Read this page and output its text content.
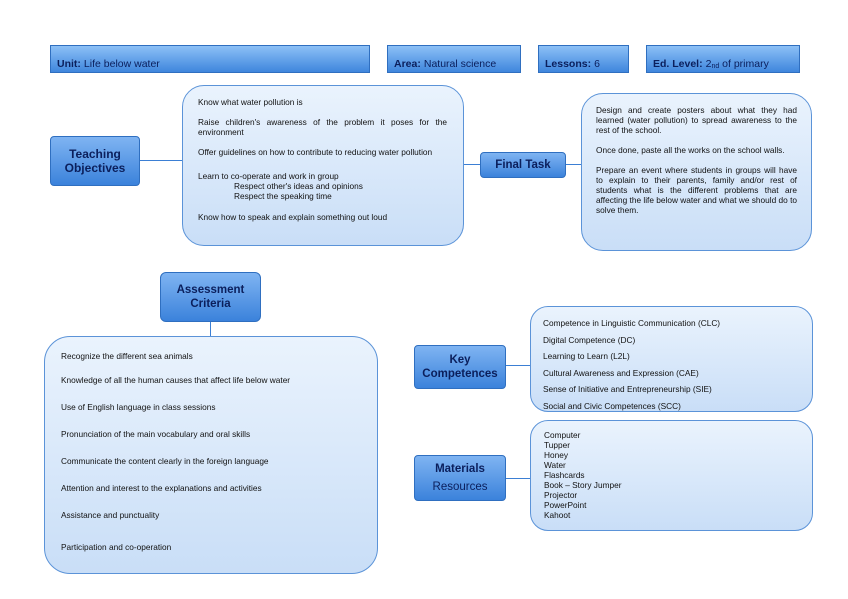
Unit: Life below water	Area: Natural science	Lessons: 6	Ed. Level: $2_{nd}$
of primary
Teaching
Objectives

Know what water pollution is

Raise children's awareness of the problem it poses for the environment

Offer guidelines on how to contribute to reducing water pollution

Learn to co-operate and work in group

Respect other's ideas and opinions

Respect the speaking time

Know how to speak and explain something out loud

Final Task

Design and create posters about what they had learned (water pollution) to spread awareness to the rest of the school.

Once done, paste all the works on the school walls.

Prepare an event where students in groups will have to explain to their parents, family and/or rest of students what is the different problems that are affecting the life below water and what we should do to solve them.

Assessment
Criteria
Recognize the different sea animals
Knowledge of all the human causes that affect life below water
Use of English language in class sessions
Pronunciation of the main vocabulary and oral skills
Communicate the content clearly in the foreign language
Attention and interest to the explanations and activities
Assistance and punctuality
Participation and co-operation
Key
Competences
Competence in Linguistic Communication (CLC)
Digital Competence (DC)
Learning to Learn (L2L)
Cultural Awareness and Expression (CAE)
Sense of Initiative and Entrepreneurship (SIE)
Social and Civic Competences (SCC)
Materials
Resources
Computer
Tupper
Honey
Water
Flashcards
Book – Story Jumper
Projector
PowerPoint
Kahoot
